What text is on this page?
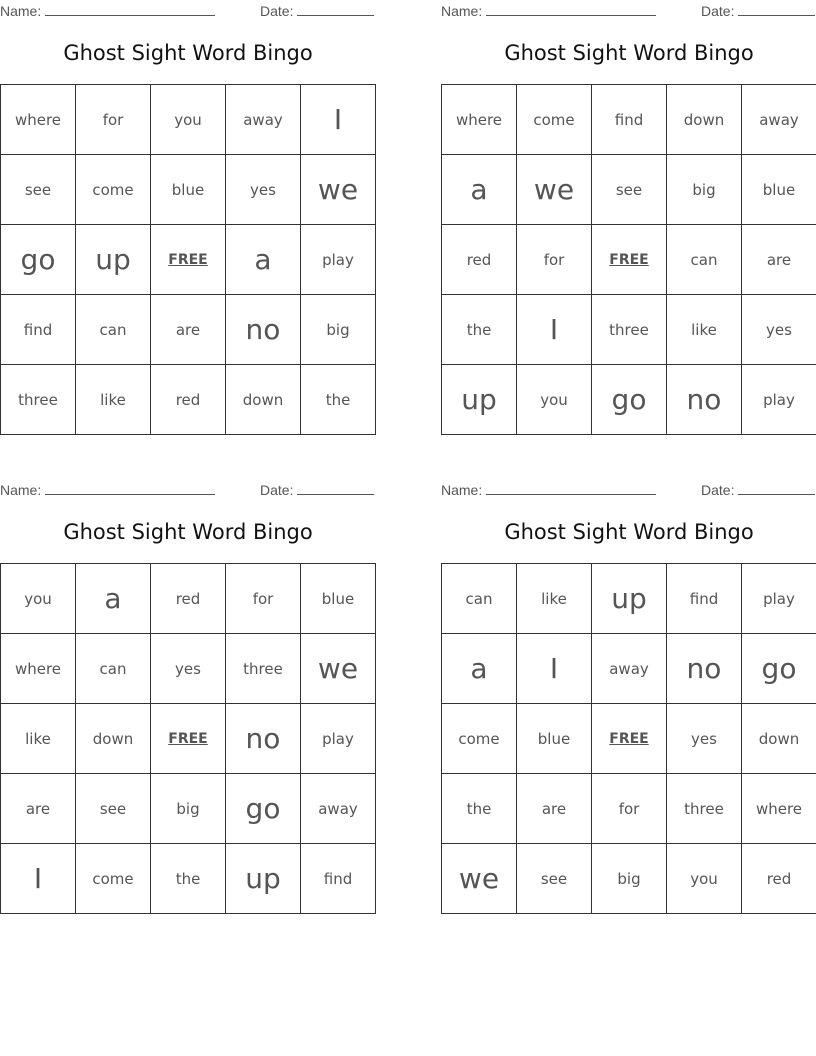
Name:	Date:
Ghost Sight Word Bingo
where	for	you	away	I
see	come	blue	yes	we
go	up	FREE	a	play
find	can	are	no	big
three	like	red	down	the
Name:	Date:
Ghost Sight Word Bingo
where	come	find	down	away
a	we	see	big	blue
red	for	FREE	can	are
the	I	three	like	yes
up	you	go	no	play
Name:	Date:
Ghost Sight Word Bingo
you	a	red	for	blue
where	can	yes	three	we
like	down	FREE	no	play
are	see	big	go	away
I	come	the	up	find
Name:	Date:
Ghost Sight Word Bingo
can	like	up	find	play
a	I	away	no	go
come	blue	FREE	yes	down
the	are	for	three	where
we	see	big	you	red
